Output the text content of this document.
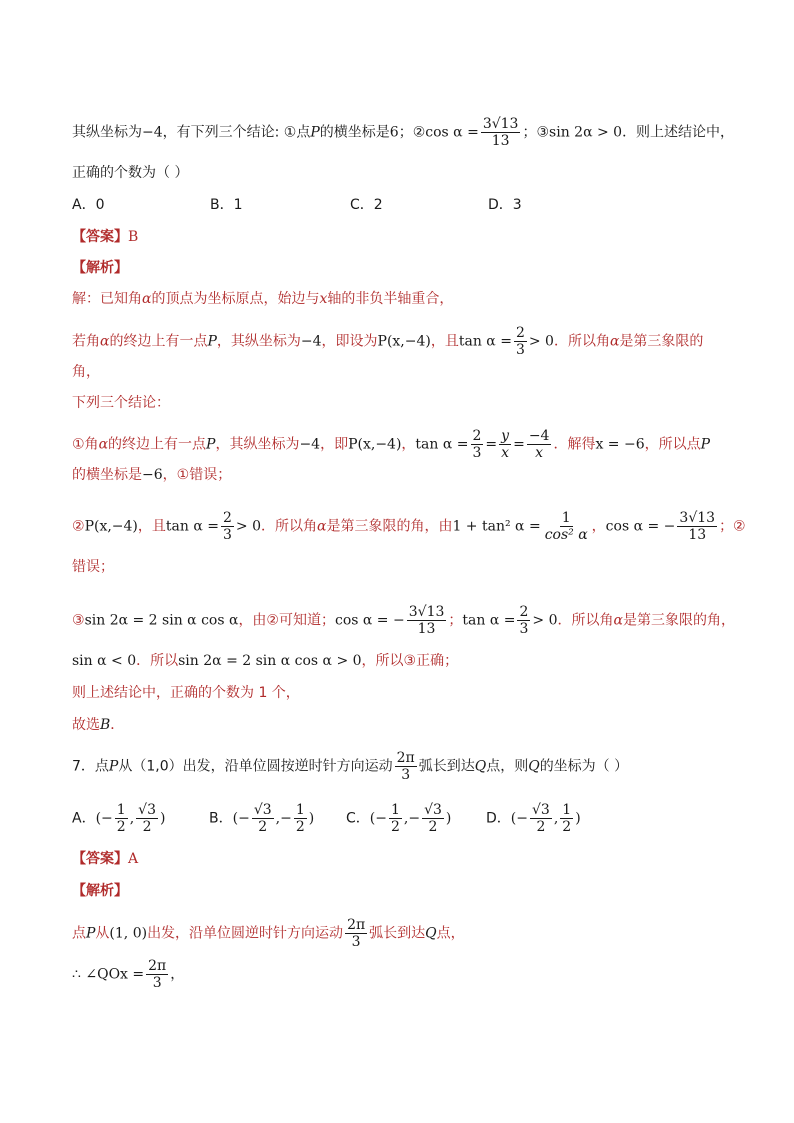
其纵坐标为−4，有下列三个结论: ①点P的横坐标是6；②cos $\alpha = \frac{3√13}{13}$ ；③sin 2α > 0．则上述结论中，
正确的个数为（ ）
A．0	B．1	C．2	D．3
【答案】B
【解析】
解：已知角α的顶点为坐标原点，始边与x轴的非负半轴重合，
若角α的终边上有一点P，其纵坐标为−4，即设为P(x,−4)，且$\tan \alpha = \frac{2}{3} > 0$．所以角α是第三象限的
角，
下列三个结论：
①角α的终边上有一点P，其纵坐标为−4，即P(x,−4)，$\tan \alpha = \frac{2}{3} = \frac{y}{x} = \frac{-4}{x}$ ．解得x = −6，所以点P
的横坐标是−6，①错误；
②P(x,−4)，且$\tan \alpha = \frac{2}{3} > 0$．所以角α是第三象限的角，由1 + tan² $\alpha = \frac{1}{\text{cos² α}}$ ，cos α = − $\frac{3√13}{13}$ ；②
错误；
③sin 2α = 2 sin α cos α，由②可知道；cos α = − $\frac{3√13}{13}$ ；$\tan \alpha = \frac{2}{3} > 0$．所以角α是第三象限的角，
sin α < 0．所以sin 2α = 2 sin α cos α > 0，所以③正确；
则上述结论中，正确的个数为 1 个，
故选B．
7．点P从（1,0）出发，沿单位圆按逆时针方向运动 $\frac{2\pi}{3}$ 弧长到达Q点，则Q的坐标为（ ）
A．(− $\frac{1}{2}$ , $\frac{√3}{2}$ )	B．(− $\frac{√3}{2}$ ,− $\frac{1}{2}$ ) C．(− $\frac{1}{2}$ ,− $\frac{√3}{2}$ ) D．(− $\frac{√3}{2}$ , $\frac{1}{2}$ )
【答案】A
【解析】
点P从(1, 0)出发，沿单位圆逆时针方向运动 $\frac{2\pi}{3}$ 弧长到达Q点，
∴ ∠QOx = $\frac{2\pi}{3}$ ，
